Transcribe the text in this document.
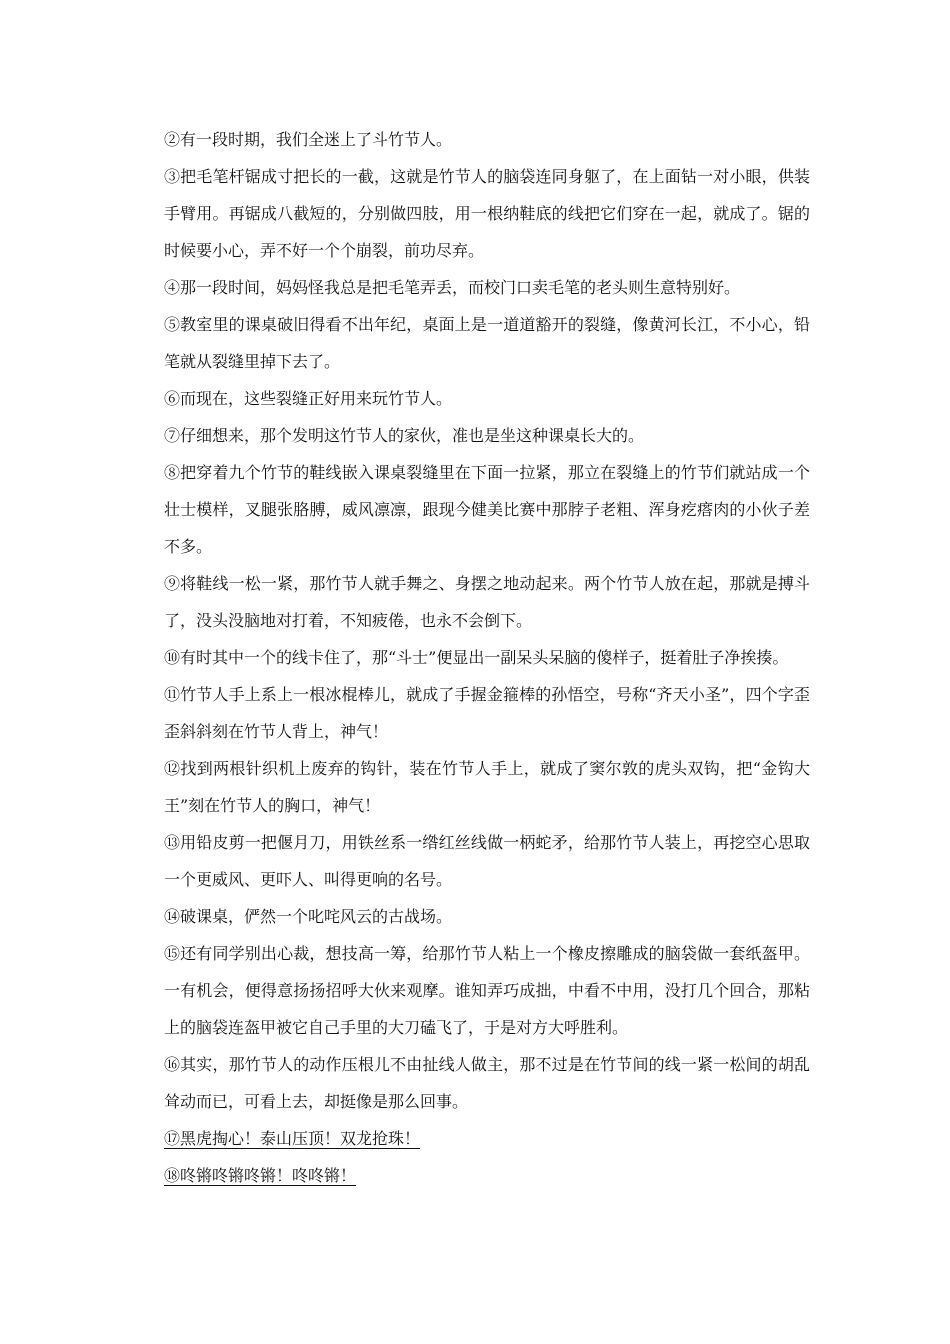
②有一段时期，我们全迷上了斗竹节人。

③把毛笔杆锯成寸把长的一截，这就是竹节人的脑袋连同身躯了，在上面钻一对小眼，供装手臂用。再锯成八截短的，分别做四肢，用一根纳鞋底的线把它们穿在一起，就成了。锯的时候要小心，弄不好一个个崩裂，前功尽弃。

④那一段时间，妈妈怪我总是把毛笔弄丢，而校门口卖毛笔的老头则生意特别好。

⑤教室里的课桌破旧得看不出年纪，桌面上是一道道豁开的裂缝，像黄河长江，不小心，铅笔就从裂缝里掉下去了。

⑥而现在，这些裂缝正好用来玩竹节人。

⑦仔细想来，那个发明这竹节人的家伙，准也是坐这种课桌长大的。

⑧把穿着九个竹节的鞋线嵌入课桌裂缝里在下面一拉紧，那立在裂缝上的竹节们就站成一个壮士模样，叉腿张胳膊，威风凛凛，跟现今健美比赛中那脖子老粗、浑身疙瘩肉的小伙子差不多。

⑨将鞋线一松一紧，那竹节人就手舞之、身摆之地动起来。两个竹节人放在起，那就是搏斗了，没头没脑地对打着，不知疲倦，也永不会倒下。

⑩有时其中一个的线卡住了，那“斗士”便显出一副呆头呆脑的傻样子，挺着肚子净挨揍。

⑪竹节人手上系上一根冰棍棒儿，就成了手握金箍棒的孙悟空，号称“齐天小圣”，四个字歪歪斜斜刻在竹节人背上，神气！

⑫找到两根针织机上废弃的钩针，装在竹节人手上，就成了窦尔敦的虎头双钩，把“金钩大王”刻在竹节人的胸口，神气！

⑬用铅皮剪一把偃月刀，用铁丝系一绺红丝线做一柄蛇矛，给那竹节人装上，再挖空心思取一个更威风、更吓人、叫得更响的名号。

⑭破课桌，俨然一个叱咤风云的古战场。

⑮还有同学别出心裁，想技高一筹，给那竹节人粘上一个橡皮擦雕成的脑袋做一套纸盔甲。一有机会，便得意扬扬招呼大伙来观摩。谁知弄巧成拙，中看不中用，没打几个回合，那粘上的脑袋连盔甲被它自己手里的大刀磕飞了，于是对方大呼胜利。

⑯其实，那竹节人的动作压根儿不由扯线人做主，那不过是在竹节间的线一紧一松间的胡乱耸动而已，可看上去，却挺像是那么回事。

⑰黑虎掏心！泰山压顶！双龙抢珠！

⑱咚锵咚锵咚锵！咚咚锵！
